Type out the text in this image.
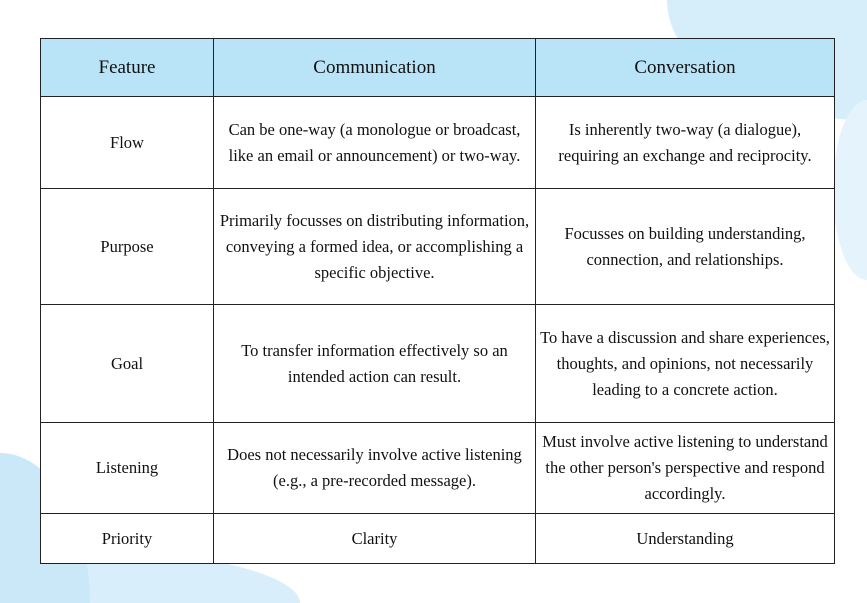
Feature	Communication	Conversation
Flow	Can be one-way (a monologue or broadcast, like an email or announcement) or two-way.	Is inherently two-way (a dialogue), requiring an exchange and reciprocity.
Purpose	Primarily focusses on distributing information, conveying a formed idea, or accomplishing a specific objective.	Focusses on building understanding, connection, and relationships.
Goal	To transfer information effectively so an intended action can result.	To have a discussion and share experiences, thoughts, and opinions, not necessarily leading to a concrete action.
Listening	Does not necessarily involve active listening (e.g., a pre-recorded message).	Must involve active listening to understand the other person's perspective and respond accordingly.
Priority	Clarity	Understanding
